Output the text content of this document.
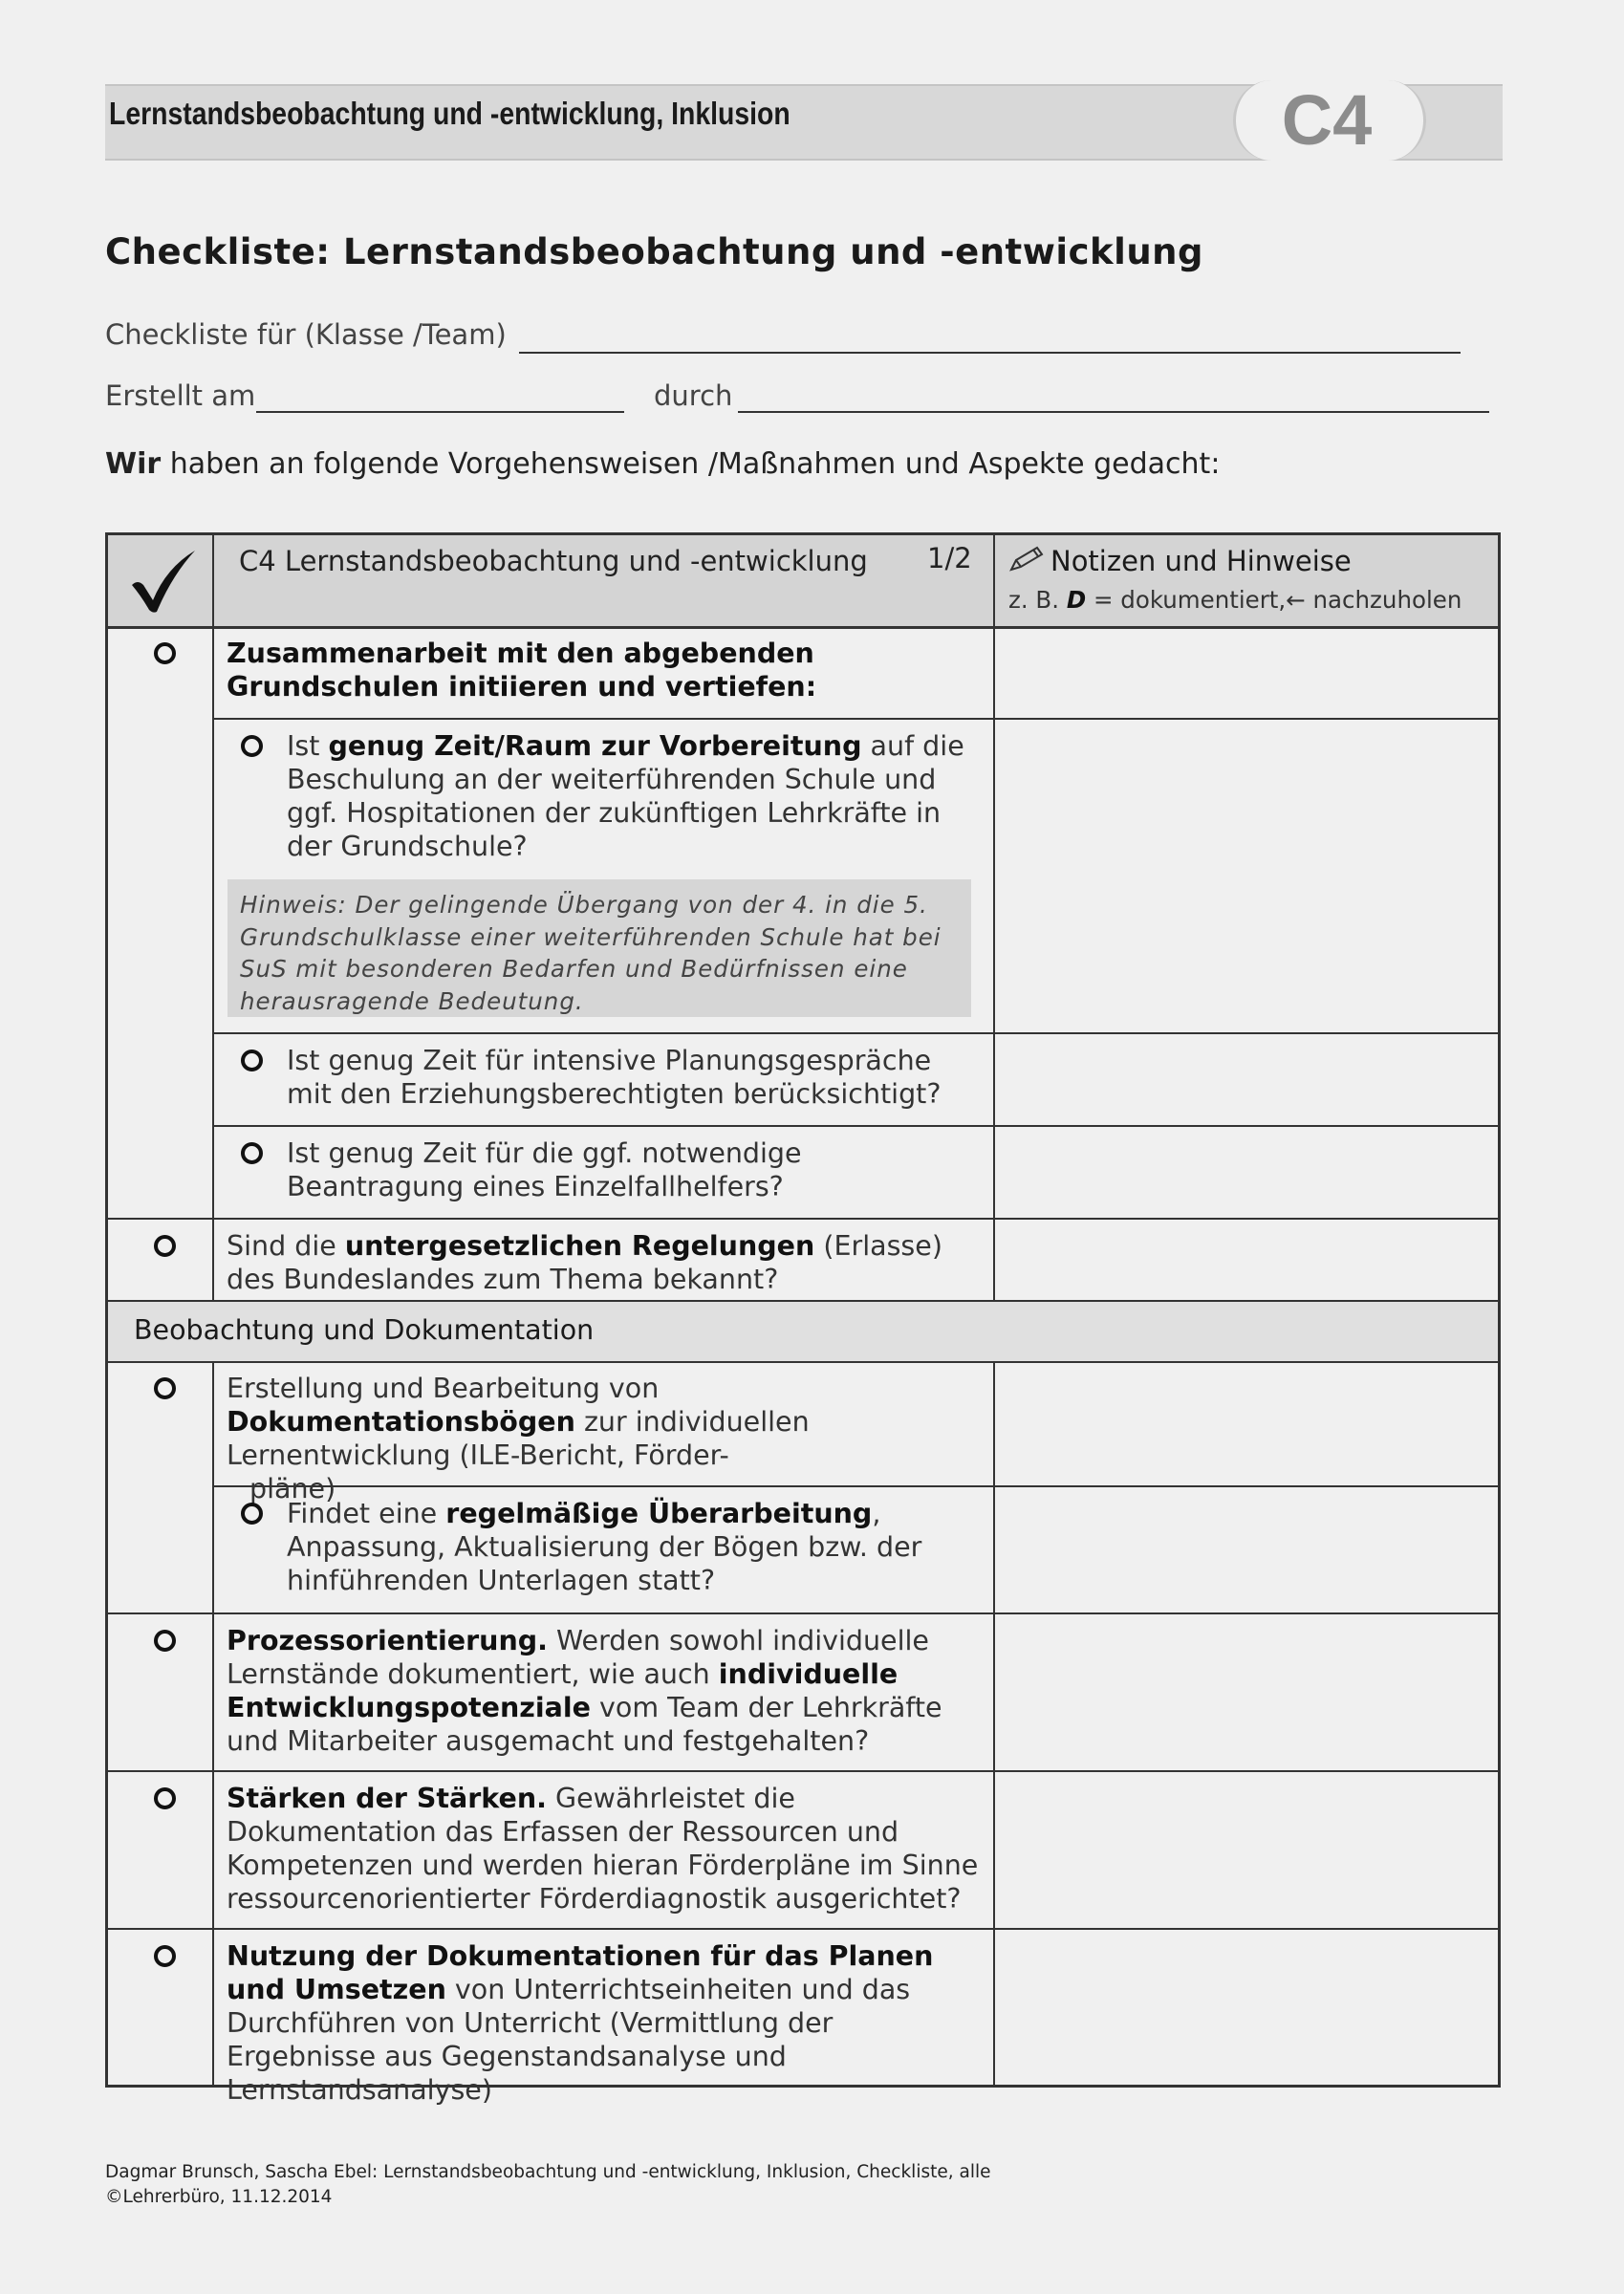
Lernstandsbeobachtung und -entwicklung, Inklusion	C4
Checkliste: Lernstandsbeobachtung und -entwicklung
Checkliste für (Klasse /Team)
Erstellt am	durch
Wir haben an folgende Vorgehensweisen /Maßnahmen und Aspekte gedacht:
C4 Lernstandsbeobachtung und -entwicklung 1/2	Notizen und Hinweise
z. B. D = dokumentiert,← nachzuholen
Zusammenarbeit mit den abgebenden Grundschulen initiieren und vertiefen:
Ist genug Zeit/Raum zur Vorbereitung auf die Beschulung an der weiterführenden Schule und ggf. Hospitationen der zukünftigen Lehrkräfte in der Grundschule?
Hinweis: Der gelingende Übergang von der 4. in die 5. Grundschulklasse einer weiterführenden Schule hat bei SuS mit besonderen Bedarfen und Bedürfnissen eine herausragende Bedeutung.
Ist genug Zeit für intensive Planungsgespräche mit den Erziehungsberechtigten berücksichtigt?
Ist genug Zeit für die ggf. notwendige Beantragung eines Einzelfallhelfers?
Sind die untergesetzlichen Regelungen (Erlasse) des Bundeslandes zum Thema bekannt?
Beobachtung und Dokumentation
Erstellung und Bearbeitung von Dokumentationsbögen zur individuellen Lernentwicklung (ILE-Bericht, Förder-
pläne)
Findet eine regelmäßige Überarbeitung, Anpassung, Aktualisierung der Bögen bzw. der hinführenden Unterlagen statt?
Prozessorientierung. Werden sowohl individuelle Lernstände dokumentiert, wie auch individuelle Entwicklungspotenziale vom Team der Lehrkräfte und Mitarbeiter ausgemacht und festgehalten?
Stärken der Stärken. Gewährleistet die Dokumentation das Erfassen der Ressourcen und Kompetenzen und werden hieran Förderpläne im Sinne ressourcenorientierter Förderdiagnostik ausgerichtet?
Nutzung der Dokumentationen für das Planen und Umsetzen von Unterrichtseinheiten und das Durchführen von Unterricht (Vermittlung der Ergebnisse aus Gegenstandsanalyse und Lernstandsanalyse)
Dagmar Brunsch, Sascha Ebel: Lernstandsbeobachtung und -entwicklung, Inklusion, Checkliste, alle
©Lehrerbüro, 11.12.2014
